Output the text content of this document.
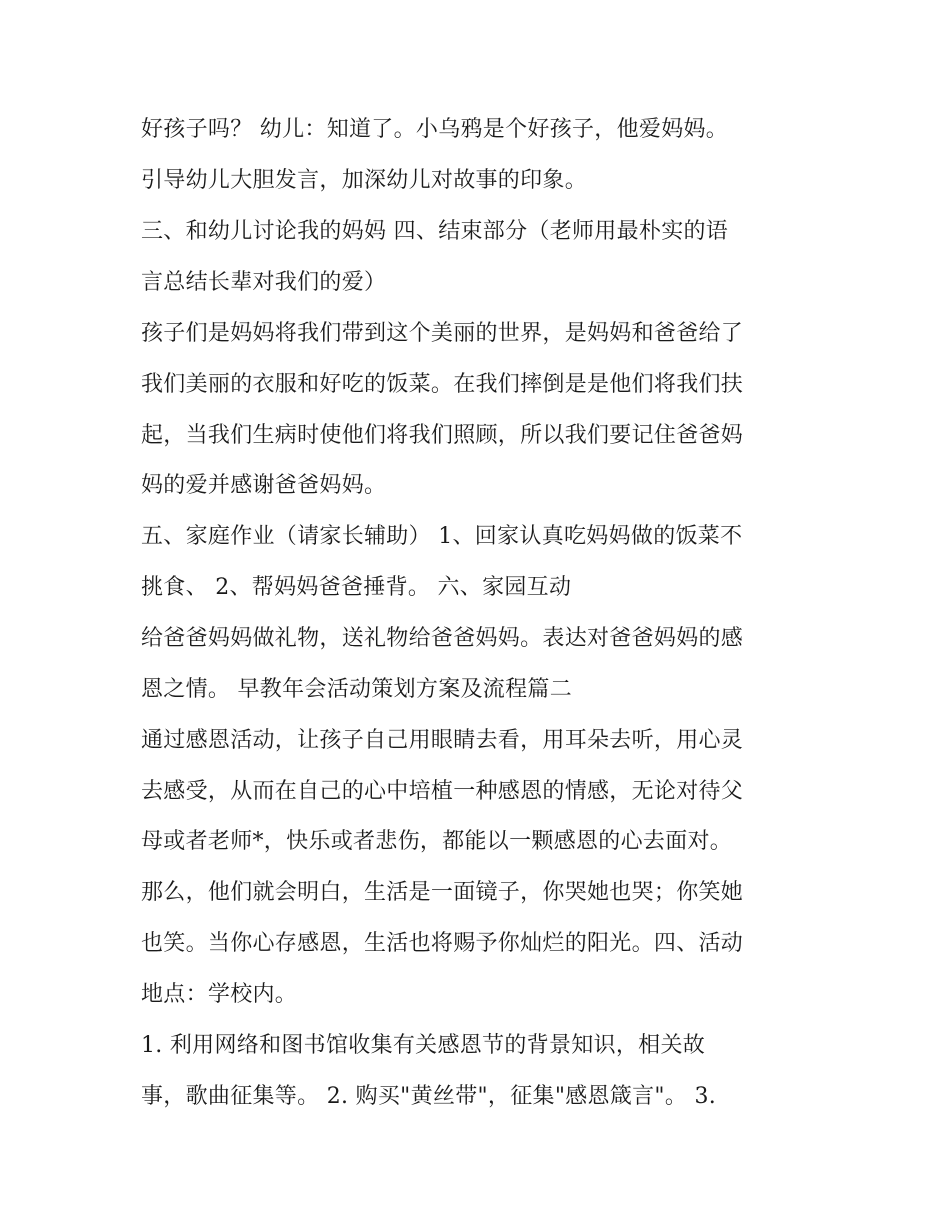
好孩子吗？ 幼儿：知道了。小乌鸦是个好孩子，他爱妈妈。

引导幼儿大胆发言，加深幼儿对故事的印象。

三、和幼儿讨论我的妈妈 四、结束部分（老师用最朴实的语

言总结长辈对我们的爱）

孩子们是妈妈将我们带到这个美丽的世界，是妈妈和爸爸给了

我们美丽的衣服和好吃的饭菜。在我们摔倒是是他们将我们扶

起，当我们生病时使他们将我们照顾，所以我们要记住爸爸妈

妈的爱并感谢爸爸妈妈。

五、家庭作业（请家长辅助） 1、回家认真吃妈妈做的饭菜不

挑食、 2、帮妈妈爸爸捶背。 六、家园互动

给爸爸妈妈做礼物，送礼物给爸爸妈妈。表达对爸爸妈妈的感

恩之情。 早教年会活动策划方案及流程篇二

通过感恩活动，让孩子自己用眼睛去看，用耳朵去听，用心灵

去感受，从而在自己的心中培植一种感恩的情感，无论对待父

母或者老师*，快乐或者悲伤，都能以一颗感恩的心去面对。

那么，他们就会明白，生活是一面镜子，你哭她也哭；你笑她

也笑。当你心存感恩，生活也将赐予你灿烂的阳光。四、活动

地点：学校内。

1. 利用网络和图书馆收集有关感恩节的背景知识，相关故

事，歌曲征集等。 2. 购买"黄丝带"，征集"感恩箴言"。 3.
